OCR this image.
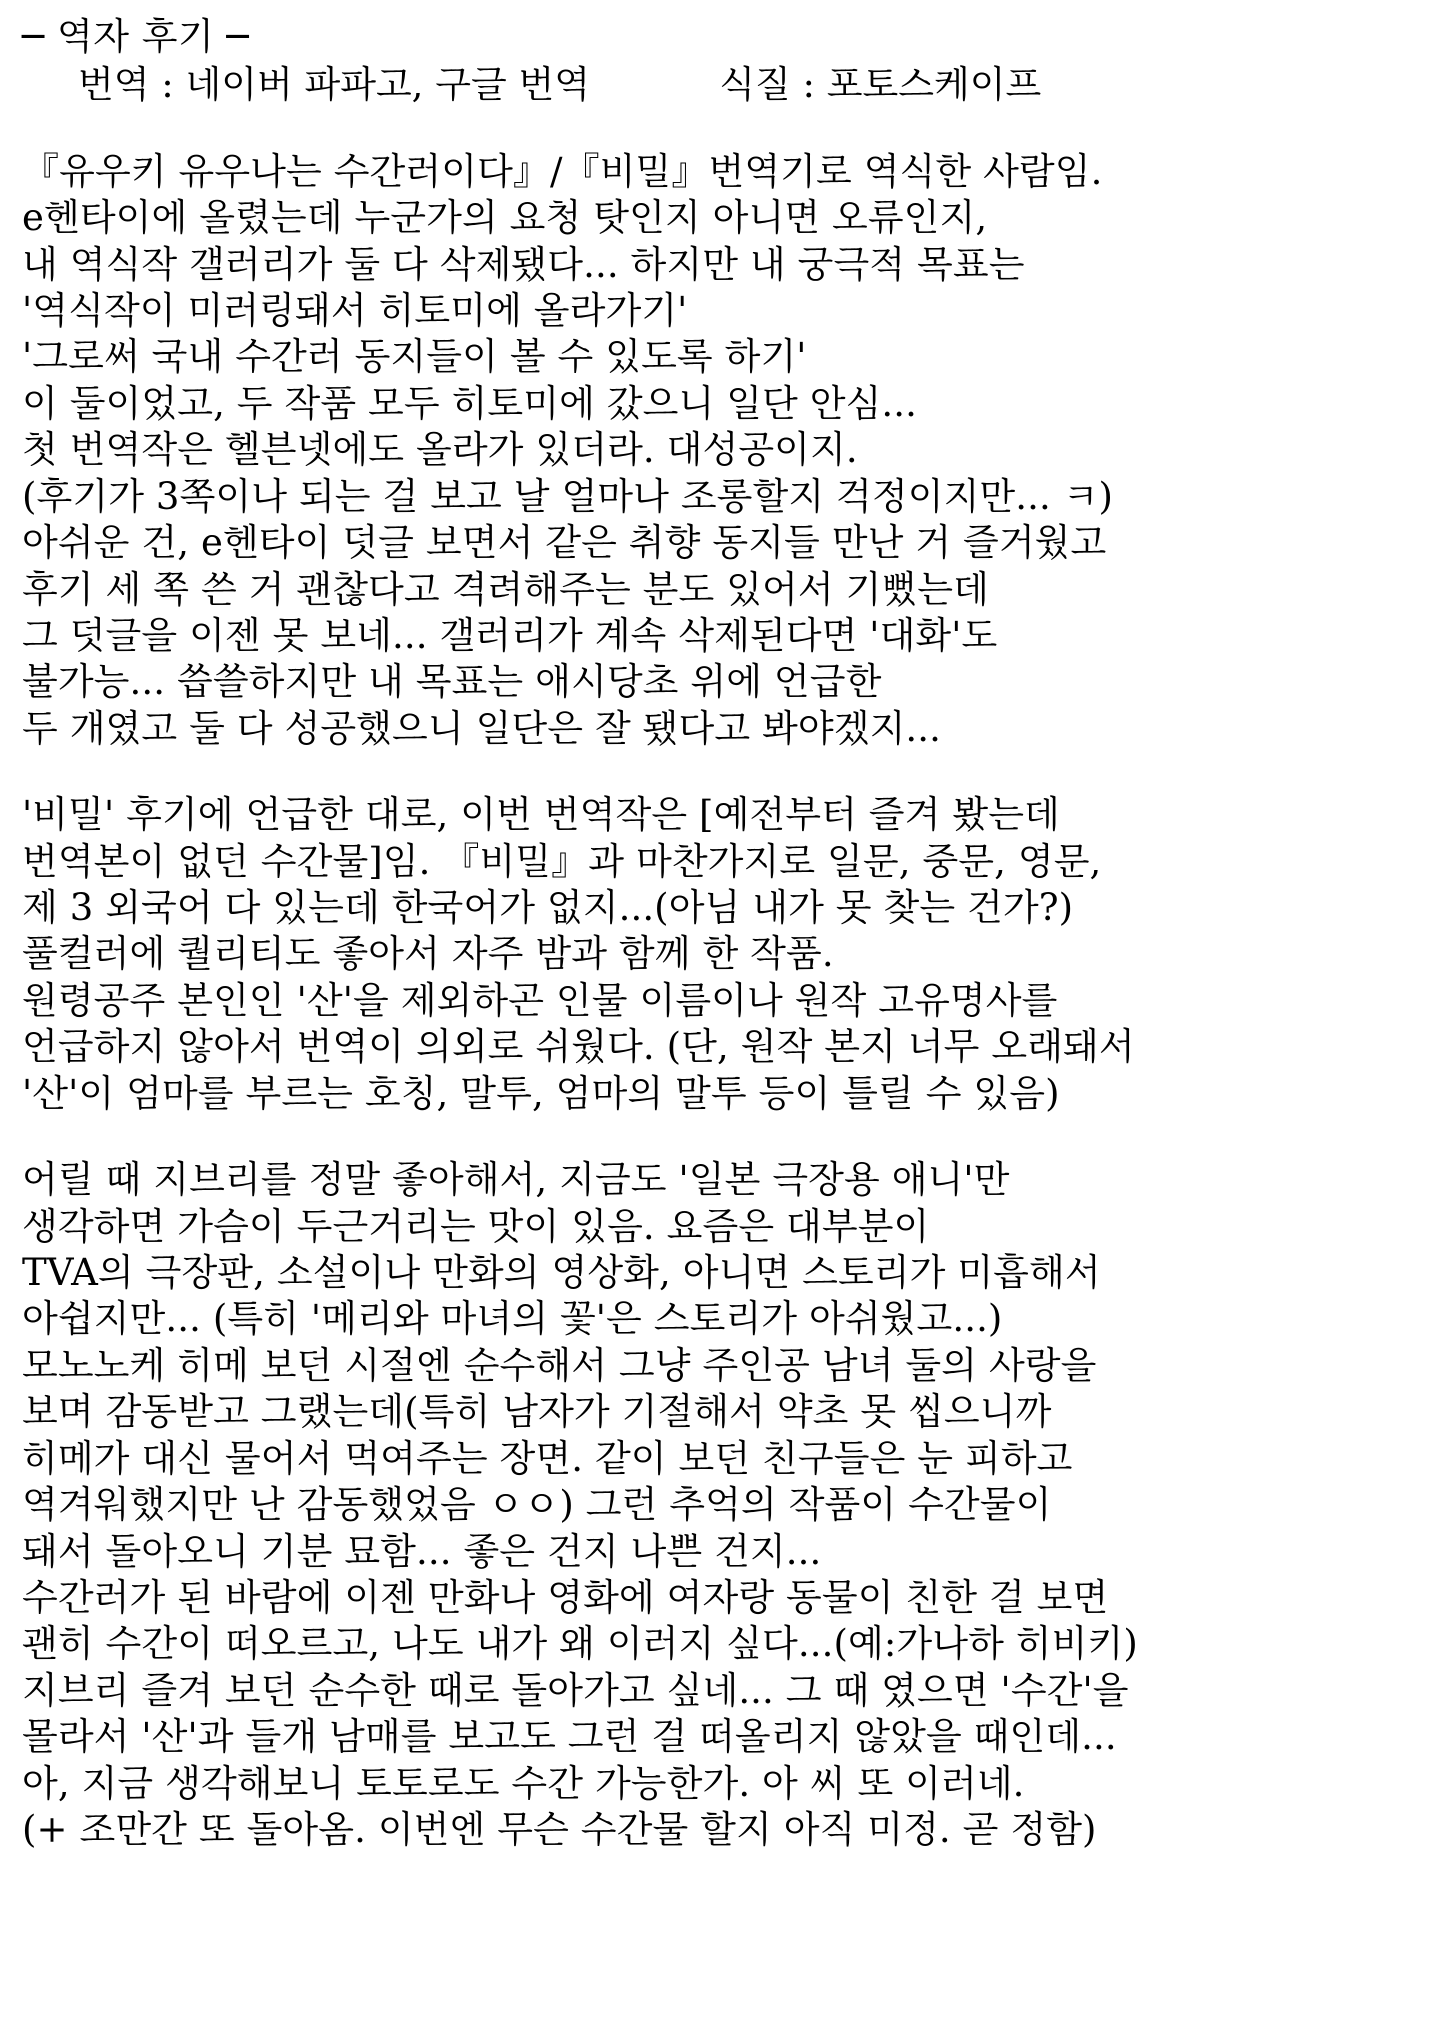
─ 역자 후기 ─
번역 : 네이버 파파고, 구글 번역           식질 : 포토스케이프
『유우키 유우나는 수간러이다』/『비밀』번역기로 역식한 사람임.
e헨타이에 올렸는데 누군가의 요청 탓인지 아니면 오류인지,
내 역식작 갤러리가 둘 다 삭제됐다... 하지만 내 궁극적 목표는
'역식작이 미러링돼서 히토미에 올라가기'
'그로써 국내 수간러 동지들이 볼 수 있도록 하기'
이 둘이었고, 두 작품 모두 히토미에 갔으니 일단 안심...
첫 번역작은 헬븐넷에도 올라가 있더라. 대성공이지.
(후기가 3쪽이나 되는 걸 보고 날 얼마나 조롱할지 걱정이지만... ㅋ)
아쉬운 건, e헨타이 덧글 보면서 같은 취향 동지들 만난 거 즐거웠고
후기 세 쪽 쓴 거 괜찮다고 격려해주는 분도 있어서 기뻤는데
그 덧글을 이젠 못 보네... 갤러리가 계속 삭제된다면 '대화'도
불가능... 씁쓸하지만 내 목표는 애시당초 위에 언급한
두 개였고 둘 다 성공했으니 일단은 잘 됐다고 봐야겠지...
'비밀' 후기에 언급한 대로, 이번 번역작은 [예전부터 즐겨 봤는데
번역본이 없던 수간물]임. 『비밀』과 마찬가지로 일문, 중문, 영문,
제 3 외국어 다 있는데 한국어가 없지...(아님 내가 못 찾는 건가?)
풀컬러에 퀄리티도 좋아서 자주 밤과 함께 한 작품.
원령공주 본인인 '산'을 제외하곤 인물 이름이나 원작 고유명사를
언급하지 않아서 번역이 의외로 쉬웠다. (단, 원작 본지 너무 오래돼서
'산'이 엄마를 부르는 호칭, 말투, 엄마의 말투 등이 틀릴 수 있음)
어릴 때 지브리를 정말 좋아해서, 지금도 '일본 극장용 애니'만
생각하면 가슴이 두근거리는 맛이 있음. 요즘은 대부분이
TVA의 극장판, 소설이나 만화의 영상화, 아니면 스토리가 미흡해서
아쉽지만... (특히 '메리와 마녀의 꽃'은 스토리가 아쉬웠고...)
모노노케 히메 보던 시절엔 순수해서 그냥 주인공 남녀 둘의 사랑을
보며 감동받고 그랬는데(특히 남자가 기절해서 약초 못 씹으니까
히메가 대신 물어서 먹여주는 장면. 같이 보던 친구들은 눈 피하고
역겨워했지만 난 감동했었음 ㅇㅇ) 그런 추억의 작품이 수간물이
돼서 돌아오니 기분 묘함... 좋은 건지 나쁜 건지...
수간러가 된 바람에 이젠 만화나 영화에 여자랑 동물이 친한 걸 보면
괜히 수간이 떠오르고, 나도 내가 왜 이러지 싶다...(예:가나하 히비키)
지브리 즐겨 보던 순수한 때로 돌아가고 싶네... 그 때 였으면 '수간'을
몰라서 '산'과 들개 남매를 보고도 그런 걸 떠올리지 않았을 때인데...
아, 지금 생각해보니 토토로도 수간 가능한가. 아 씨 또 이러네.
(+ 조만간 또 돌아옴. 이번엔 무슨 수간물 할지 아직 미정. 곧 정함)
